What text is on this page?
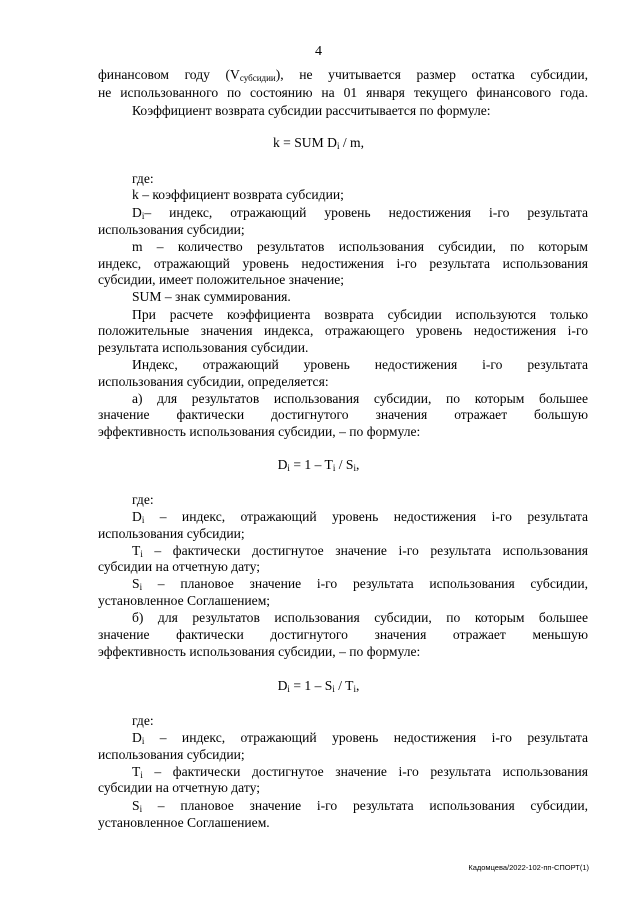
4
финансовом году $(V_{субсидии})$, не учитывается размер остатка субсидии,
не использованного по состоянию на 01 января текущего финансового года.
Коэффициент возврата субсидии рассчитывается по формуле:
k = SUM $D_i$ / m,
где:
k – коэффициент возврата субсидии;
$D_i-$ индекс, отражающий уровень недостижения i-го результата
использования субсидии;
m – количество результатов использования субсидии, по которым
индекс, отражающий уровень недостижения i-го результата использования
субсидии, имеет положительное значение;
SUM – знак суммирования.
При расчете коэффициента возврата субсидии используются только
положительные значения индекса, отражающего уровень недостижения i-го
результата использования субсидии.
Индекс, отражающий уровень недостижения i-го результата
использования субсидии, определяется:
а) для результатов использования субсидии, по которым большее
значение фактически достигнутого значения отражает большую
эффективность использования субсидии, – по формуле:
$D_i = 1 - T_i / S_i$,
где:
$D_i$ – индекс, отражающий уровень недостижения i-го результата
использования субсидии;
$T_i$ – фактически достигнутое значение i-го результата использования
субсидии на отчетную дату;
$S_i$ – плановое значение i-го результата использования субсидии,
установленное Соглашением;
б) для результатов использования субсидии, по которым большее
значение фактически достигнутого значения отражает меньшую
эффективность использования субсидии, – по формуле:
$D_i = 1 - S_i / T_i$,
где:
$D_i$ – индекс, отражающий уровень недостижения i-го результата
использования субсидии;
$T_i$ – фактически достигнутое значение i-го результата использования
субсидии на отчетную дату;
$S_i$ – плановое значение i-го результата использования субсидии,
установленное Соглашением.
Кадомцева/2022-102-пп-СПОРТ(1)
